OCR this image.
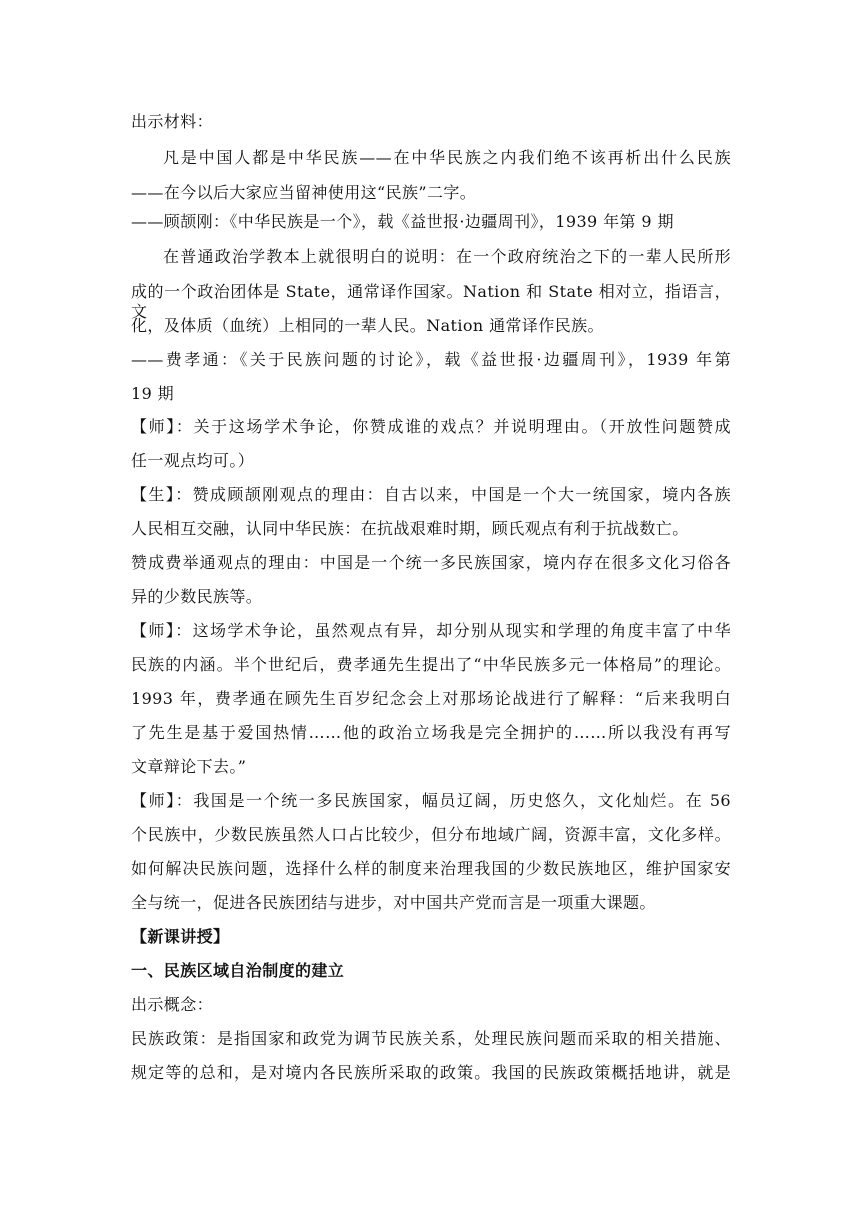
出示材料：
凡是中国人都是中华民族——在中华民族之内我们绝不该再析出什么民族
——在今以后大家应当留神使用这“民族”二字。
——顾颉刚：《中华民族是一个》，载《益世报·边疆周刊》，1939 年第 9 期
在普通政治学教本上就很明白的说明：在一个政府统治之下的一辈人民所形
成的一个政治团体是 State，通常译作国家。Nation 和 State 相对立，指语言，文
化，及体质（血统）上相同的一辈人民。Nation 通常译作民族。
——费孝通：《关于民族问题的讨论》，载《益世报·边疆周刊》，1939 年第
19 期
【师】：关于这场学术争论，你赞成谁的戏点？并说明理由。（开放性问题赞成
任一观点均可。）
【生】：赞成顾颉刚观点的理由：自古以来，中国是一个大一统国家，境内各族
人民相互交融，认同中华民族：在抗战艰难时期，顾氏观点有利于抗战数亡。
赞成费举通观点的理由：中国是一个统一多民族国家，境内存在很多文化习俗各
异的少数民族等。
【师】：这场学术争论，虽然观点有异，却分别从现实和学理的角度丰富了中华
民族的内涵。半个世纪后，费孝通先生提出了“中华民族多元一体格局”的理论。
1993 年，费孝通在顾先生百岁纪念会上对那场论战进行了解释：“后来我明白
了先生是基于爱国热情……他的政治立场我是完全拥护的……所以我没有再写
文章辩论下去。”
【师】：我国是一个统一多民族国家，幅员辽阔，历史悠久，文化灿烂。在 56
个民族中，少数民族虽然人口占比较少，但分布地域广阔，资源丰富，文化多样。
如何解决民族问题，选择什么样的制度来治理我国的少数民族地区，维护国家安
全与统一，促进各民族团结与进步，对中国共产党而言是一项重大课题。
【新课讲授】
一、民族区域自治制度的建立
出示概念：
民族政策：是指国家和政党为调节民族关系，处理民族问题而采取的相关措施、
规定等的总和，是对境内各民族所采取的政策。我国的民族政策概括地讲，就是
